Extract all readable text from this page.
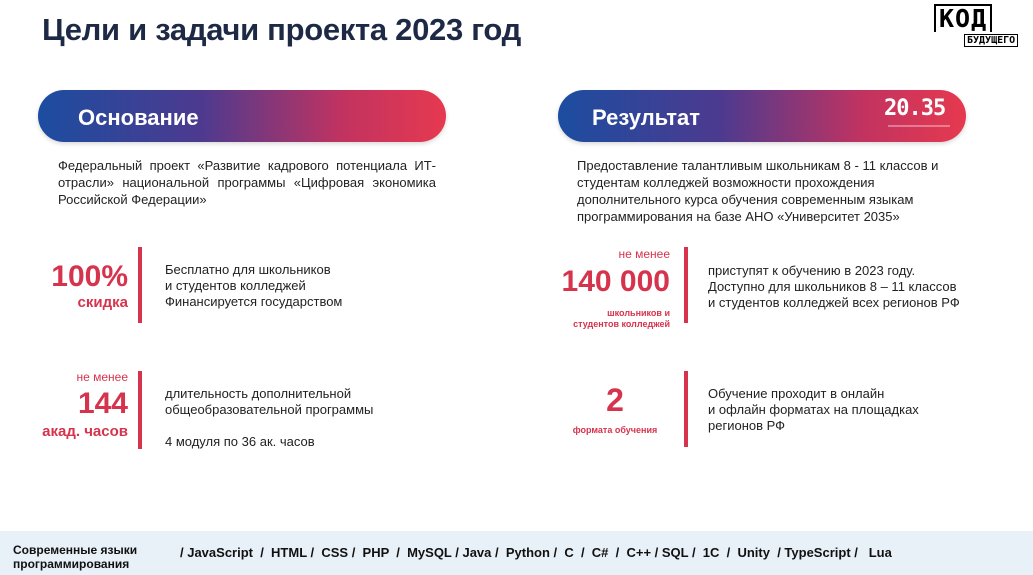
Цели и задачи проекта 2023 год	КОД
БУДУЩЕГО
Основание	Результат	20.35
Федеральный проект «Развитие кадрового потенциала ИТ- отрасли» национальной программы «Цифровая экономика Российской Федерации»
Предоставление талантливым школьникам 8 - 11 классов и студентам колледжей возможности прохождения дополнительного курса обучения современным языкам программирования на базе АНО «Университет 2035»
100%
скидка
Бесплатно для школьников
и студентов колледжей
Финансируется государством
не менее
144
акад. часов
длительность дополнительной
общеобразовательной программы
4 модуля по 36 ак. часов
не менее
140 000
школьников и
студентов колледжей
приступят к обучению в 2023 году.
Доступно для школьников 8 – 11 классов
и студентов колледжей всех регионов РФ
2
формата обучения
Обучение проходит в онлайн
и офлайн форматах на площадках
регионов РФ
Современные языки
программирования
/ JavaScript  /  HTML /  CSS /  PHP  /  MySQL / Java /  Python /  C  /  C#  /  C++ / SQL /  1C  /  Unity  / TypeScript /   Lua
